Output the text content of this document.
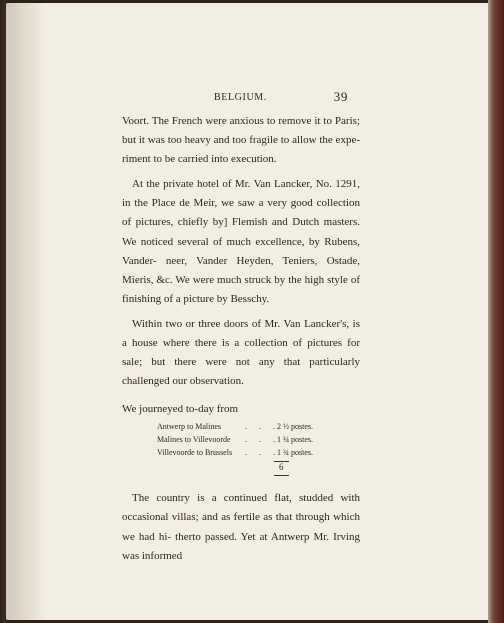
BELGIUM.	39

Voort. The French were anxious to remove it to Paris; but it was too heavy and too fragile to allow the expe- riment to be carried into execution.

At the private hotel of Mr. Van Lancker, No. 1291, in the Place de Meir, we saw a very good collection of pictures, chiefly by] Flemish and Dutch masters. We noticed several of much excellence, by Rubens, Vander- neer, Vander Heyden, Teniers, Ostade, Mieris, &c. We were much struck by the high style of finishing of a picture by Besschy.

Within two or three doors of Mr. Van Lancker's, is a house where there is a collection of pictures for sale; but there were not any that particularly challenged our observation.

We journeyed to-day from

Antwerp to Malines	. . .
2 ½ postes.
Malines to Villevoorde . . .
1 ¼ postes.
Villevoorde to Brussels . . .
1 ¾ postes.
6

The country is a continued flat, studded with occasional villas; and as fertile as that through which we had hi- therto passed. Yet at Antwerp Mr. Irving was informed
